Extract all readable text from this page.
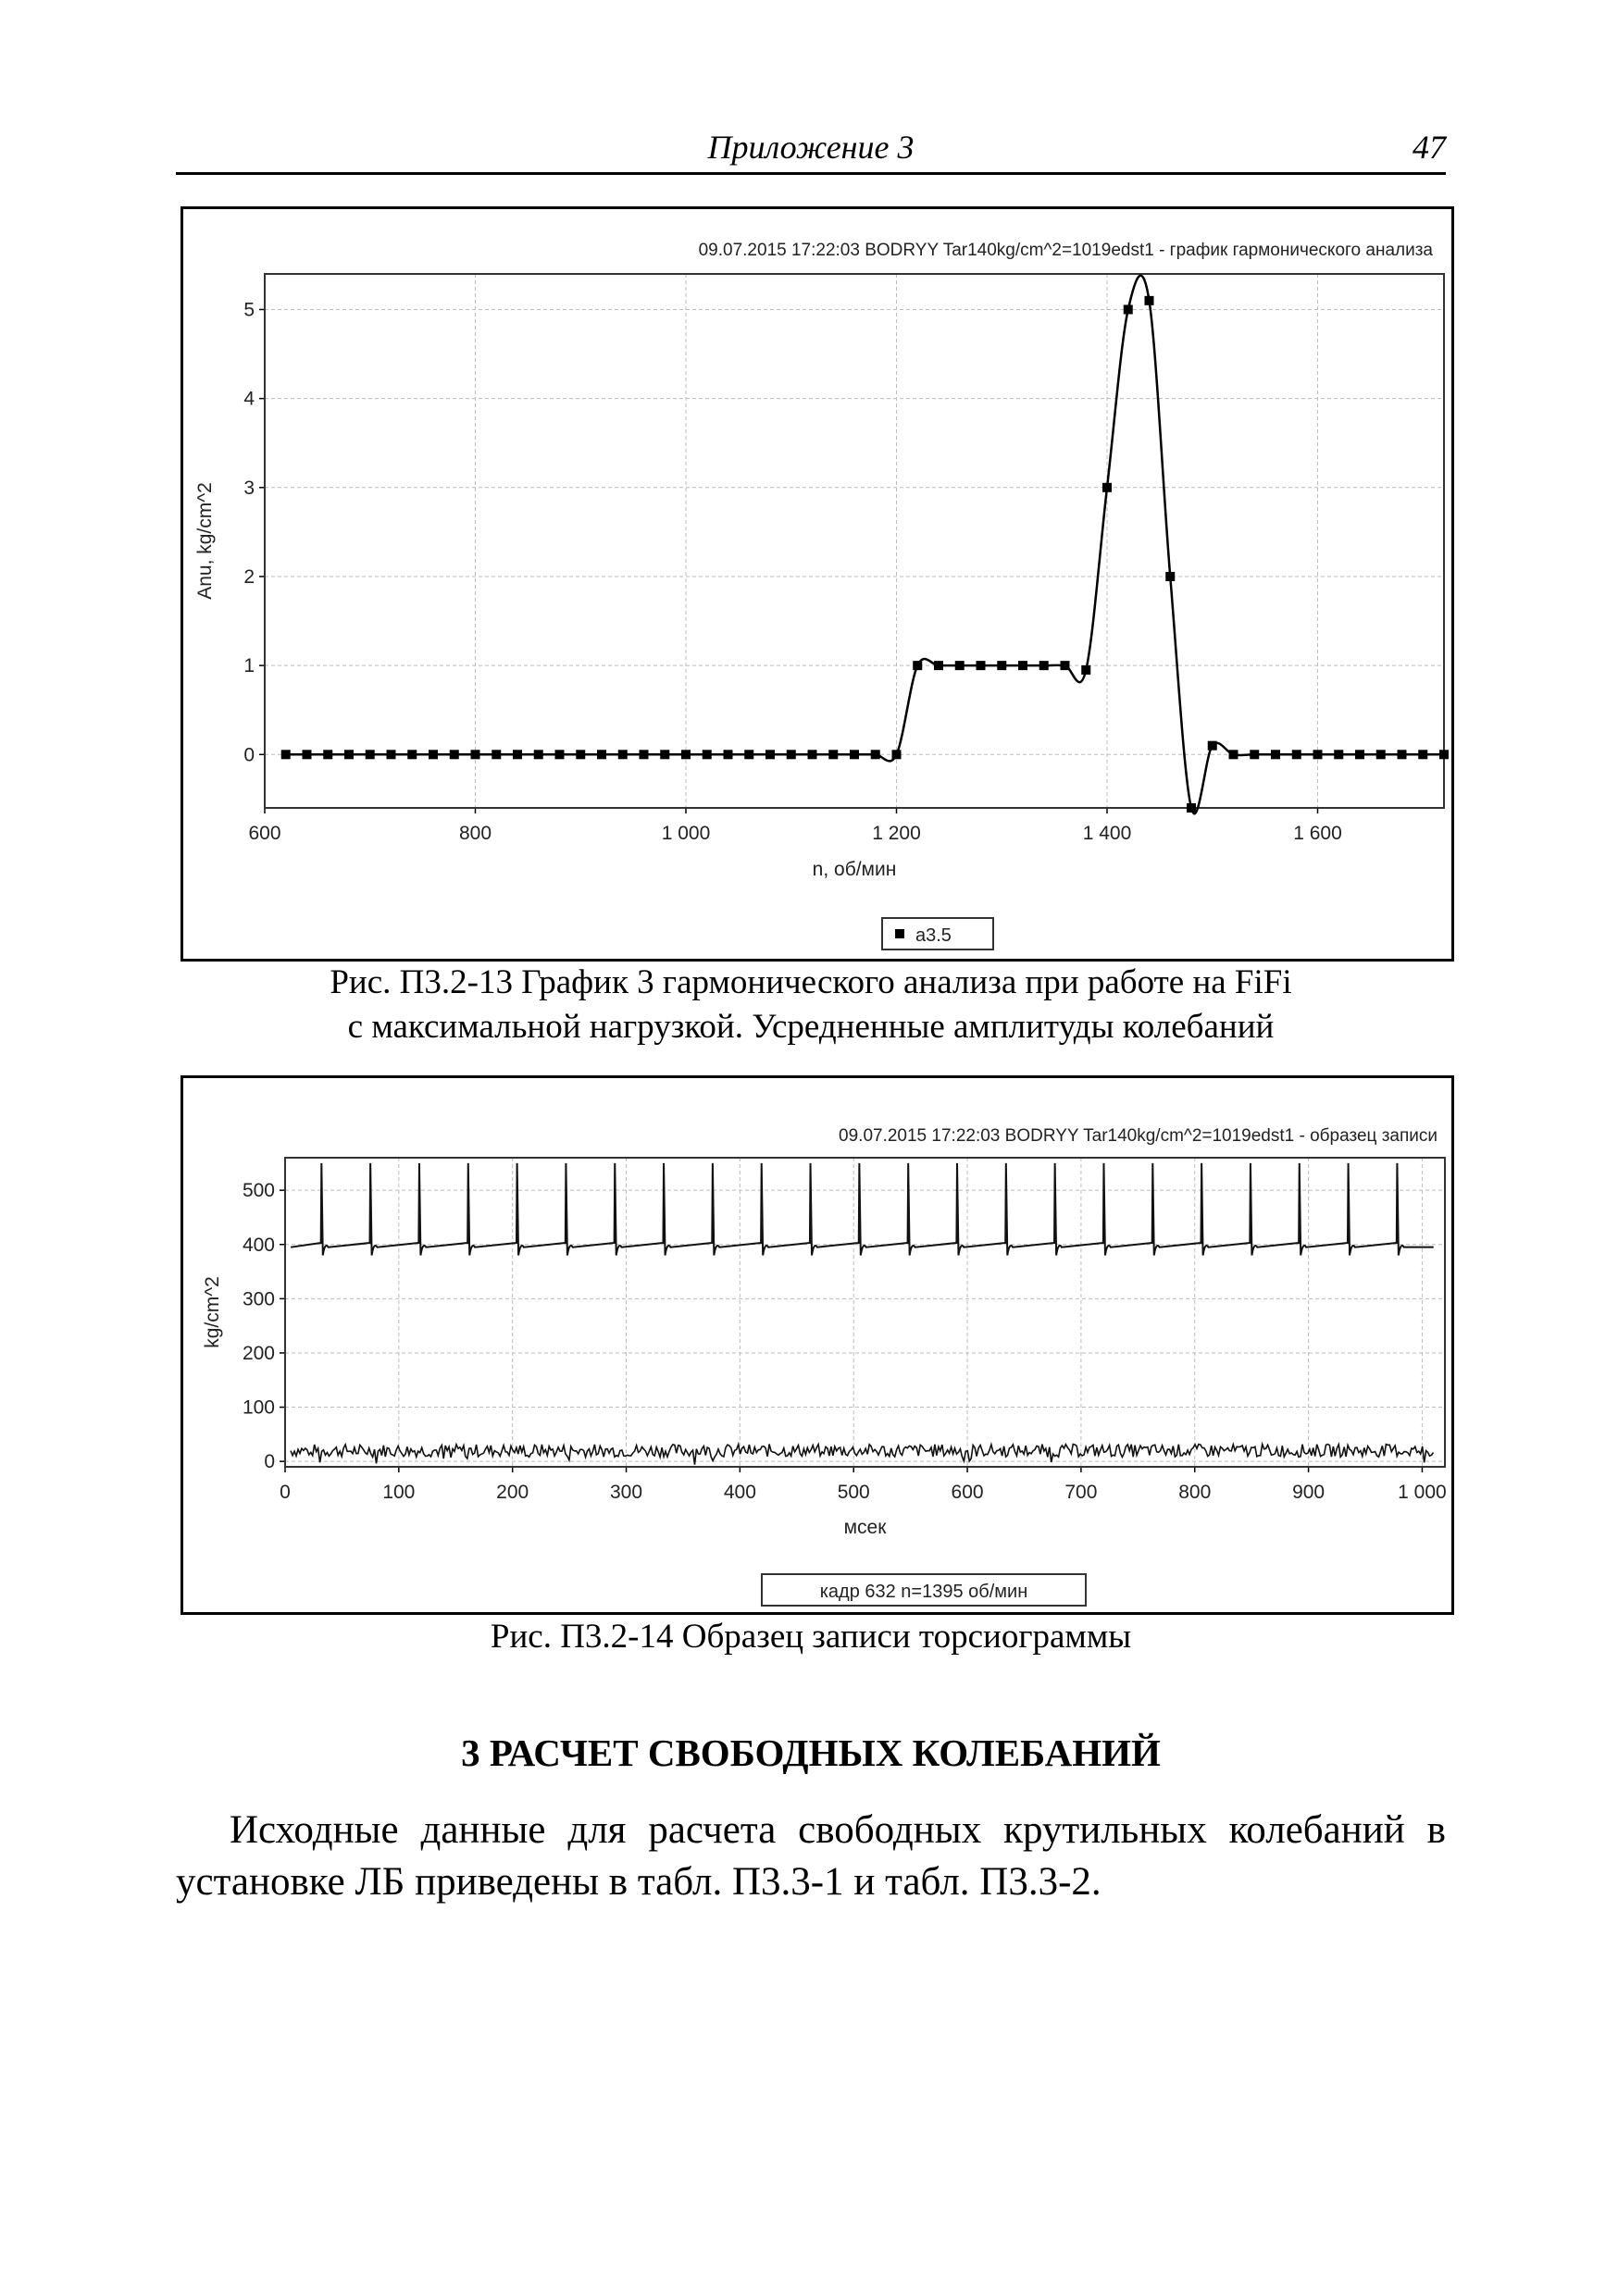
Приложение 3	47
09.07.2015 17:22:03 BODRYY Tar140kg/cm^2=1019edst1 - график гармонического анализа
600	800	1 000	1 200	1 400	1 600
0
1
2
3
4
5
n, об/мин
Anu, kg/cm^2
a3.5
Рис. П3.2-13 График 3 гармонического анализа при работе на FiFi
с максимальной нагрузкой. Усредненные амплитуды колебаний
09.07.2015 17:22:03 BODRYY Tar140kg/cm^2=1019edst1 - образец записи
0	100	200	300	400	500	600	700	800	900	1 000
0
100
200
300
400
500
мсек
kg/cm^2
кадр 632 n=1395 об/мин
Рис. П3.2-14 Образец записи торсиограммы
3 РАСЧЕТ СВОБОДНЫХ КОЛЕБАНИЙ
Исходные данные для расчета свободных крутильных колебаний в установке ЛБ приведены в табл. П3.3-1 и табл. П3.3-2.
